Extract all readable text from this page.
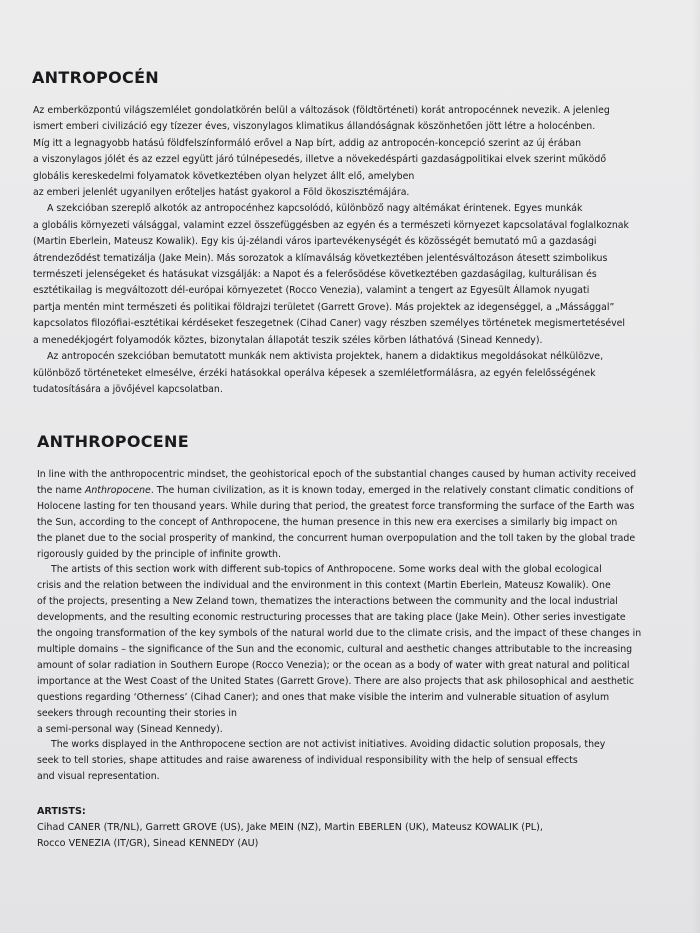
ANTROPOCÉN
Az emberközpontú világszemlélet gondolatkörén belül a változások (földtörténeti) korát antropocénnek nevezik. A jelenleg
ismert emberi civilizáció egy tízezer éves, viszonylagos klimatikus állandóságnak köszönhetően jött létre a holocénben.
Míg itt a legnagyobb hatású földfelszínformáló erővel a Nap bírt, addig az antropocén-koncepció szerint az új érában
a viszonylagos jólét és az ezzel együtt járó túlnépesedés, illetve a növekedéspárti gazdaságpolitikai elvek szerint működő
globális kereskedelmi folyamatok következtében olyan helyzet állt elő, amelyben
az emberi jelenlét ugyanilyen erőteljes hatást gyakorol a Föld ökoszisztémájára.
A szekcióban szereplő alkotók az antropocénhez kapcsolódó, különböző nagy altémákat érintenek. Egyes munkák
a globális környezeti válsággal, valamint ezzel összefüggésben az egyén és a természeti környezet kapcsolatával foglalkoznak
(Martin Eberlein, Mateusz Kowalik). Egy kis új-zélandi város ipartevékenységét és közösségét bemutató mű a gazdasági
átrendeződést tematizálja (Jake Mein). Más sorozatok a klímaválság következtében jelentésváltozáson átesett szimbolikus
természeti jelenségeket és hatásukat vizsgálják: a Napot és a felerősödése következtében gazdaságilag, kulturálisan és
esztétikailag is megváltozott dél-európai környezetet (Rocco Venezia), valamint a tengert az Egyesült Államok nyugati
partja mentén mint természeti és politikai földrajzi területet (Garrett Grove). Más projektek az idegenséggel, a „Mássággal”
kapcsolatos filozófiai-esztétikai kérdéseket feszegetnek (Cihad Caner) vagy részben személyes történetek megismertetésével
a menedékjogért folyamodók köztes, bizonytalan állapotát teszik széles körben láthatóvá (Sinead Kennedy).
Az antropocén szekcióban bemutatott munkák nem aktivista projektek, hanem a didaktikus megoldásokat nélkülözve,
különböző történeteket elmesélve, érzéki hatásokkal operálva képesek a szemléletformálásra, az egyén felelősségének
tudatosítására a jövőjével kapcsolatban.
ANTHROPOCENE
In line with the anthropocentric mindset, the geohistorical epoch of the substantial changes caused by human activity received
the name Anthropocene. The human civilization, as it is known today, emerged in the relatively constant climatic conditions of
Holocene lasting for ten thousand years. While during that period, the greatest force transforming the surface of the Earth was
the Sun, according to the concept of Anthropocene, the human presence in this new era exercises a similarly big impact on
the planet due to the social prosperity of mankind, the concurrent human overpopulation and the toll taken by the global trade
rigorously guided by the principle of infinite growth.
The artists of this section work with different sub-topics of Anthropocene. Some works deal with the global ecological
crisis and the relation between the individual and the environment in this context (Martin Eberlein, Mateusz Kowalik). One
of the projects, presenting a New Zeland town, thematizes the interactions between the community and the local industrial
developments, and the resulting economic restructuring processes that are taking place (Jake Mein). Other series investigate
the ongoing transformation of the key symbols of the natural world due to the climate crisis, and the impact of these changes in
multiple domains – the significance of the Sun and the economic, cultural and aesthetic changes attributable to the increasing
amount of solar radiation in Southern Europe (Rocco Venezia); or the ocean as a body of water with great natural and political
importance at the West Coast of the United States (Garrett Grove). There are also projects that ask philosophical and aesthetic
questions regarding ‘Otherness’ (Cihad Caner); and ones that make visible the interim and vulnerable situation of asylum
seekers through recounting their stories in
a semi-personal way (Sinead Kennedy).
The works displayed in the Anthropocene section are not activist initiatives. Avoiding didactic solution proposals, they
seek to tell stories, shape attitudes and raise awareness of individual responsibility with the help of sensual effects
and visual representation.
ARTISTS:
Cihad CANER (TR/NL), Garrett GROVE (US), Jake MEIN (NZ), Martin EBERLEN (UK), Mateusz KOWALIK (PL),
Rocco VENEZIA (IT/GR), Sinead KENNEDY (AU)
